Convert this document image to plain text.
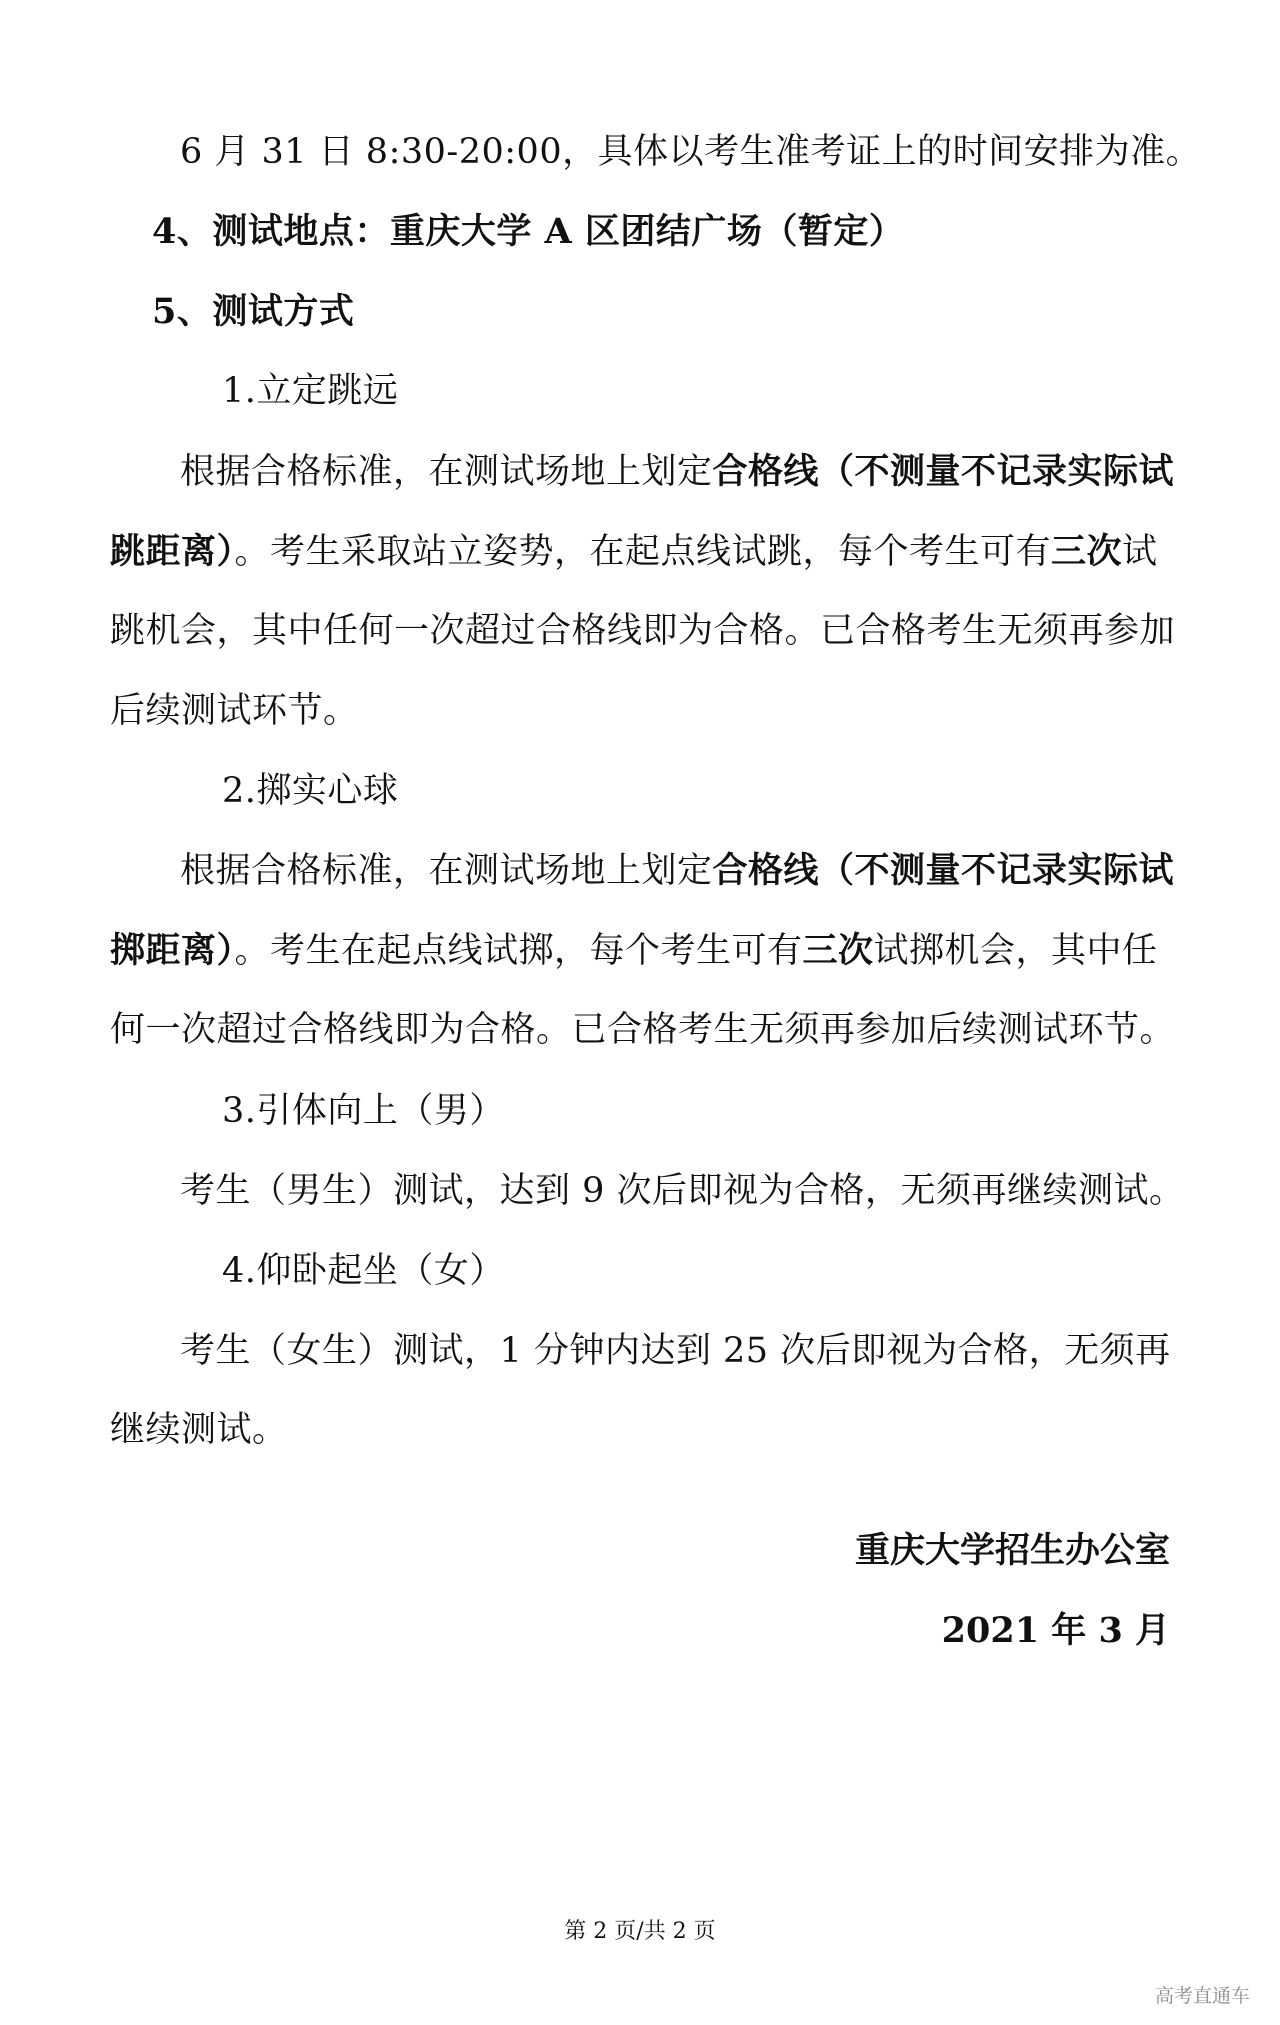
6 月 31 日 8:30-20:00，具体以考生准考证上的时间安排为准。
4、测试地点：重庆大学 A 区团结广场（暂定）
5、测试方式
1.立定跳远
根据合格标准，在测试场地上划定合格线（不测量不记录实际试
跳距离）。考生采取站立姿势，在起点线试跳，每个考生可有三次试
跳机会，其中任何一次超过合格线即为合格。已合格考生无须再参加
后续测试环节。
2.掷实心球
根据合格标准，在测试场地上划定合格线（不测量不记录实际试
掷距离）。考生在起点线试掷，每个考生可有三次试掷机会，其中任
何一次超过合格线即为合格。已合格考生无须再参加后续测试环节。
3.引体向上（男）
考生（男生）测试，达到 9 次后即视为合格，无须再继续测试。
4.仰卧起坐（女）
考生（女生）测试，1 分钟内达到 25 次后即视为合格，无须再
继续测试。
重庆大学招生办公室
2021 年 3 月
第 2 页/共 2 页
高考直通车
